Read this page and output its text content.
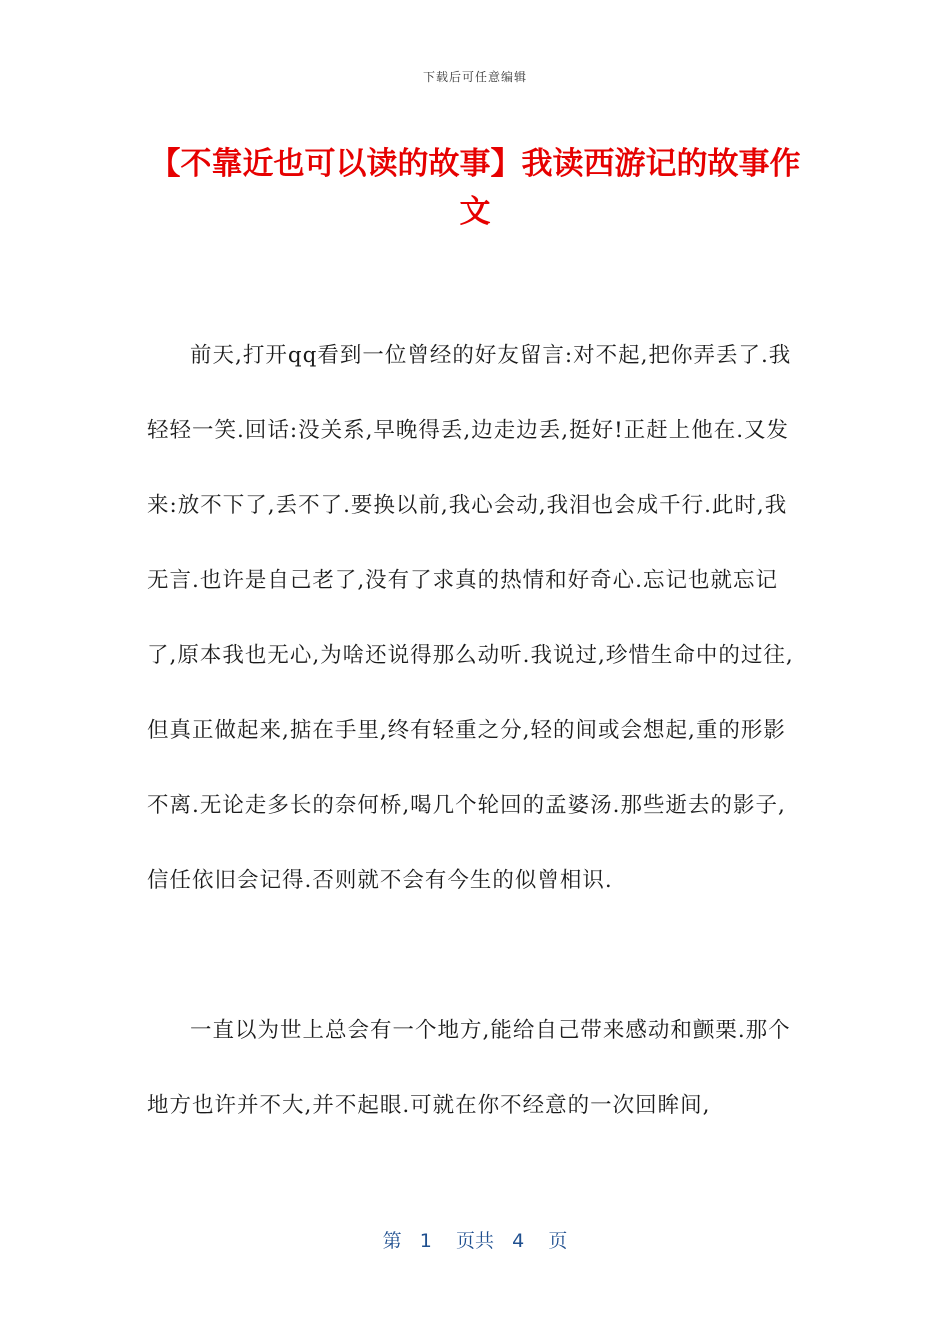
下载后可任意编辑
【不靠近也可以读的故事】我读西游记的故事作文

前天,打开qq看到一位曾经的好友留言:对不起,把你弄丢了.我轻轻一笑.回话:没关系,早晚得丢,边走边丢,挺好!正赶上他在.又发来:放不下了,丢不了.要换以前,我心会动,我泪也会成千行.此时,我无言.也许是自己老了,没有了求真的热情和好奇心.忘记也就忘记了,原本我也无心,为啥还说得那么动听.我说过,珍惜生命中的过往,但真正做起来,掂在手里,终有轻重之分,轻的间或会想起,重的形影不离.无论走多长的奈何桥,喝几个轮回的孟婆汤.那些逝去的影子,信任依旧会记得.否则就不会有今生的似曾相识.

一直以为世上总会有一个地方,能给自己带来感动和颤栗.那个地方也许并不大,并不起眼.可就在你不经意的一次回眸间,

第 1 页共 4 页
